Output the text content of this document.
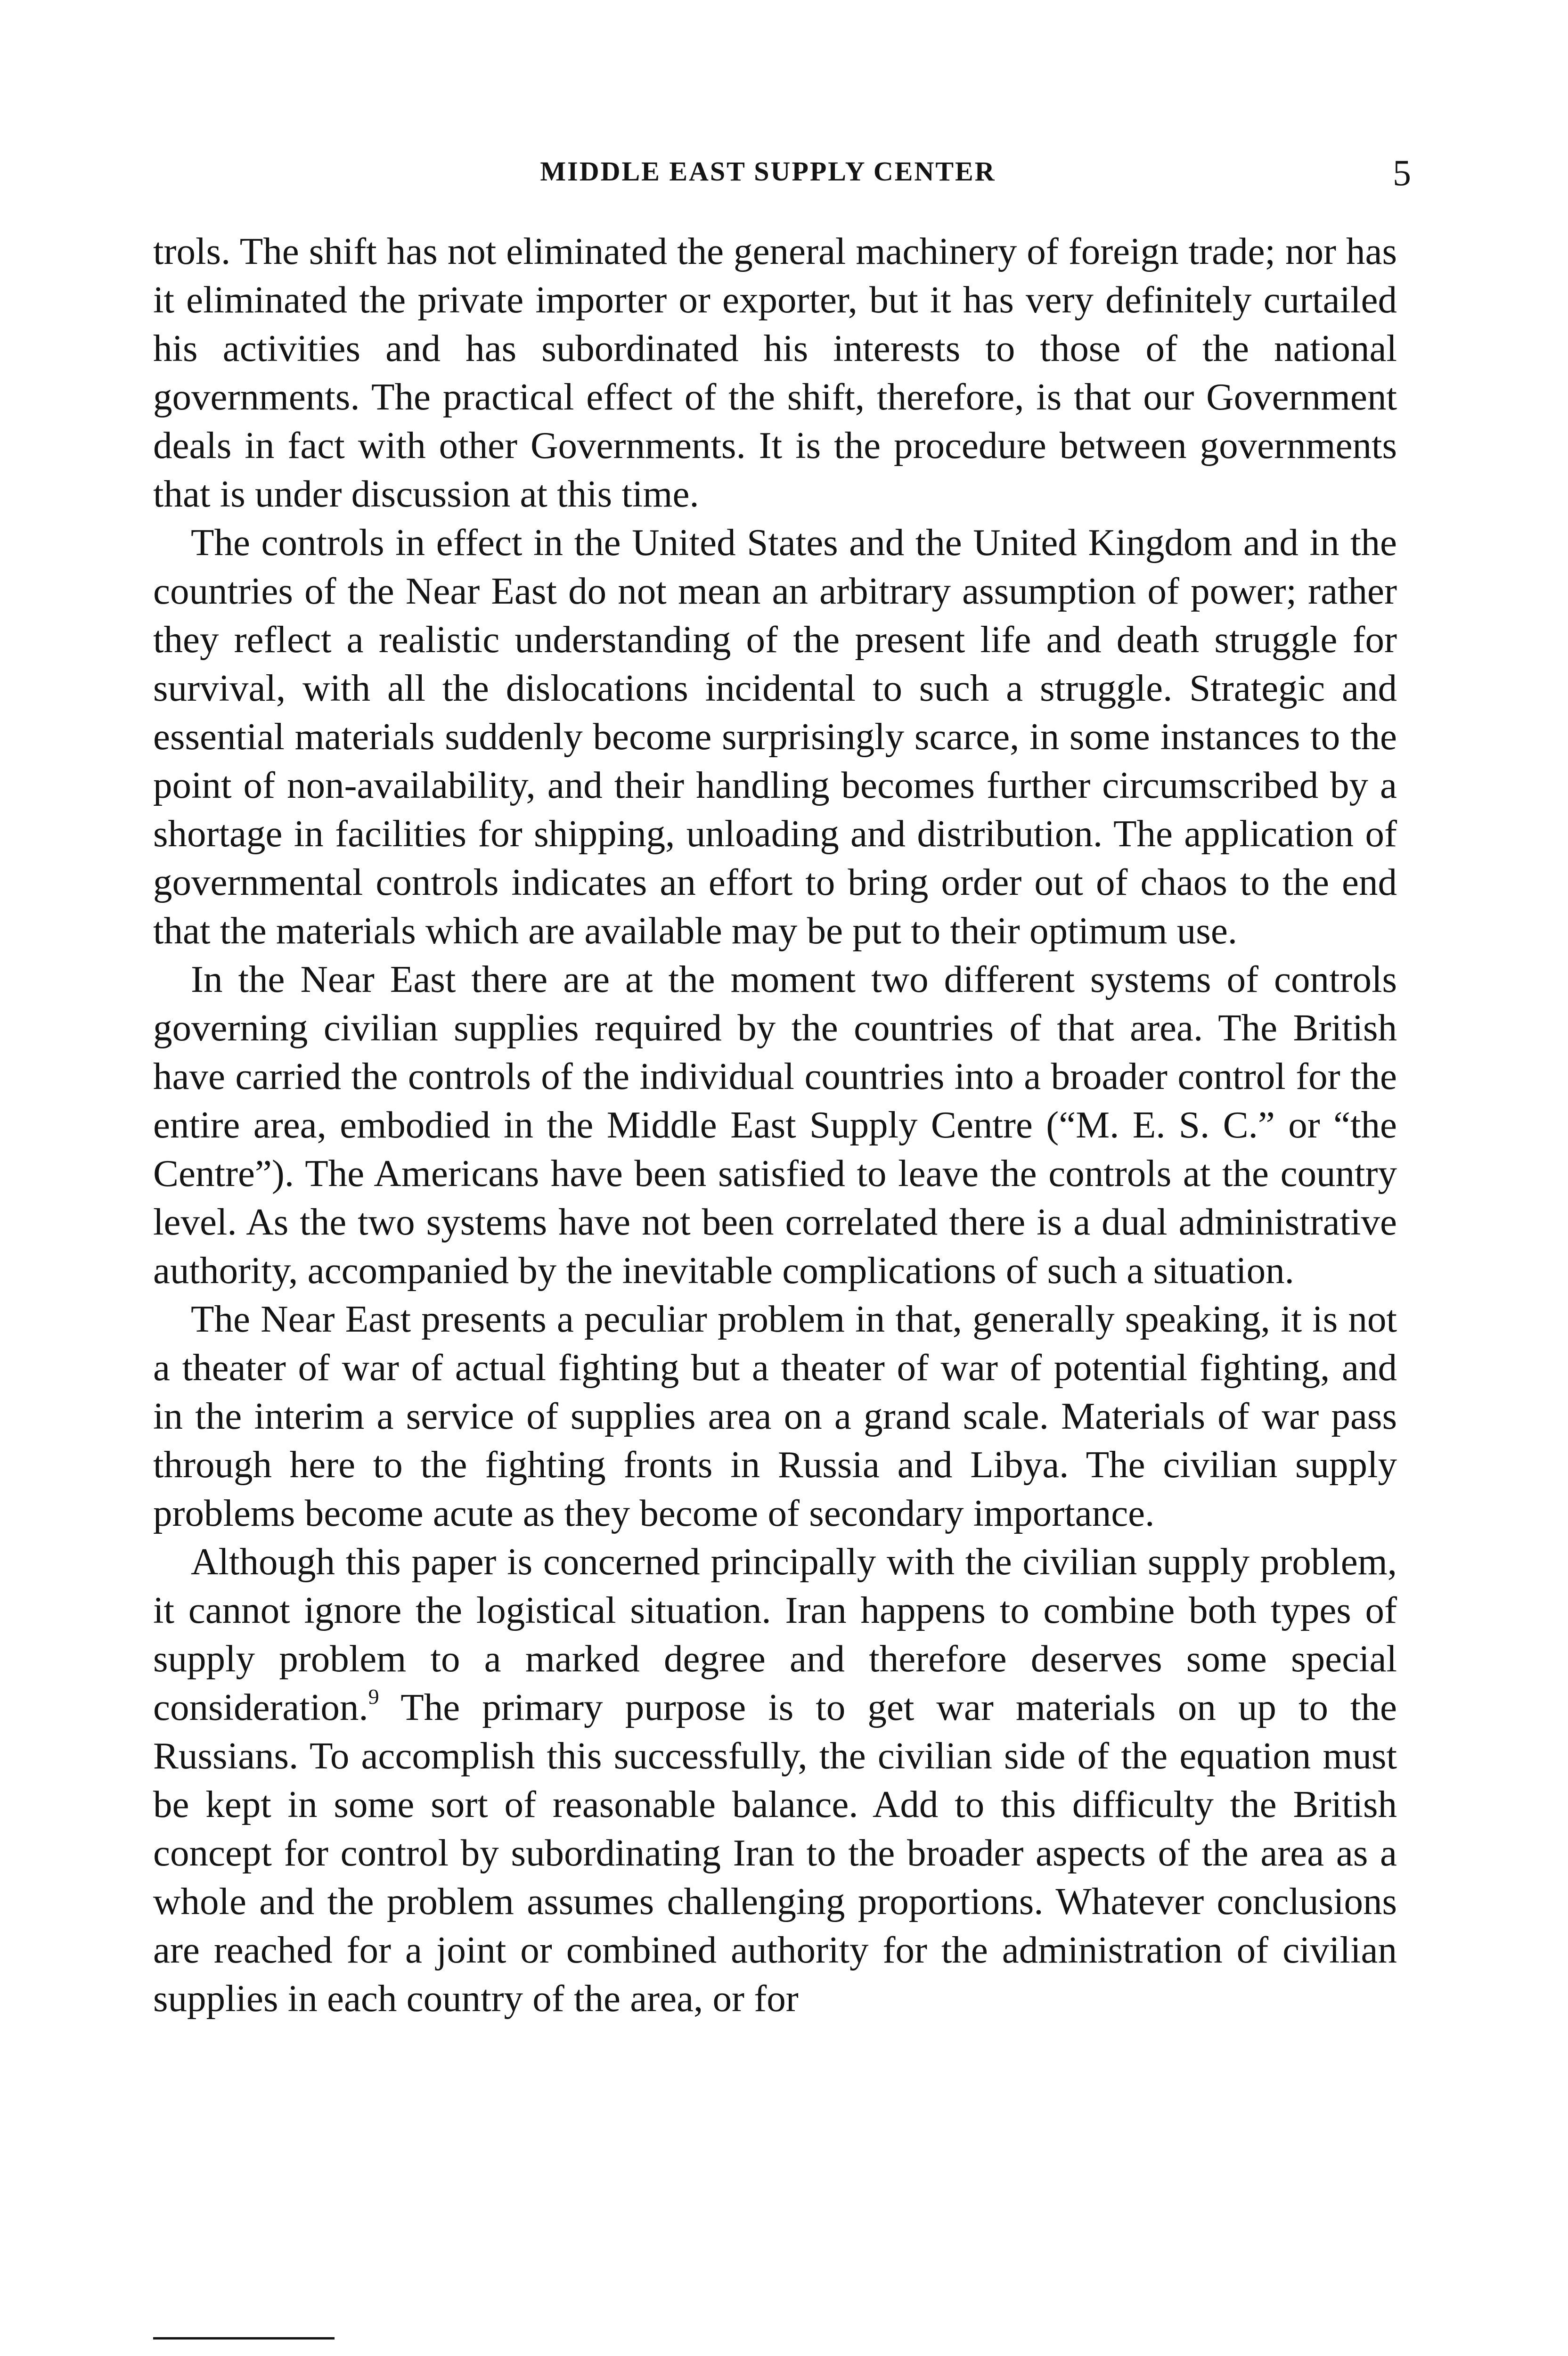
MIDDLE EAST SUPPLY CENTER	5

trols. The shift has not eliminated the general machinery of foreign trade; nor has it eliminated the private importer or exporter, but it has very definitely curtailed his activities and has subordinated his interests to those of the national governments. The practical effect of the shift, therefore, is that our Government deals in fact with other Governments. It is the procedure between governments that is under discussion at this time.

The controls in effect in the United States and the United Kingdom and in the countries of the Near East do not mean an arbitrary assumption of power; rather they reflect a realistic understanding of the present life and death struggle for survival, with all the dislocations incidental to such a struggle. Strategic and essential materials suddenly become surprisingly scarce, in some instances to the point of non-availability, and their handling becomes further circumscribed by a shortage in facilities for shipping, unloading and distribution. The application of governmental controls indicates an effort to bring order out of chaos to the end that the materials which are available may be put to their optimum use.

In the Near East there are at the moment two different systems of controls governing civilian supplies required by the countries of that area. The British have carried the controls of the individual countries into a broader control for the entire area, embodied in the Middle East Supply Centre (“M. E. S. C.” or “the Centre”). The Americans have been satisfied to leave the controls at the country level. As the two systems have not been correlated there is a dual administrative authority, accompanied by the inevitable complications of such a situation.

The Near East presents a peculiar problem in that, generally speaking, it is not a theater of war of actual fighting but a theater of war of potential fighting, and in the interim a service of supplies area on a grand scale. Materials of war pass through here to the fighting fronts in Russia and Libya. The civilian supply problems become acute as they become of secondary importance.

Although this paper is concerned principally with the civilian supply problem, it cannot ignore the logistical situation. Iran happens to combine both types of supply problem to a marked degree and therefore deserves some special consideration.$^9$ The primary purpose is to get war materials on up to the Russians. To accomplish this successfully, the civilian side of the equation must be kept in some sort of reasonable balance. Add to this difficulty the British concept for control by subordinating Iran to the broader aspects of the area as a whole and the problem assumes challenging proportions. Whatever conclusions are reached for a joint or combined authority for the administration of civilian supplies in each country of the area, or for
